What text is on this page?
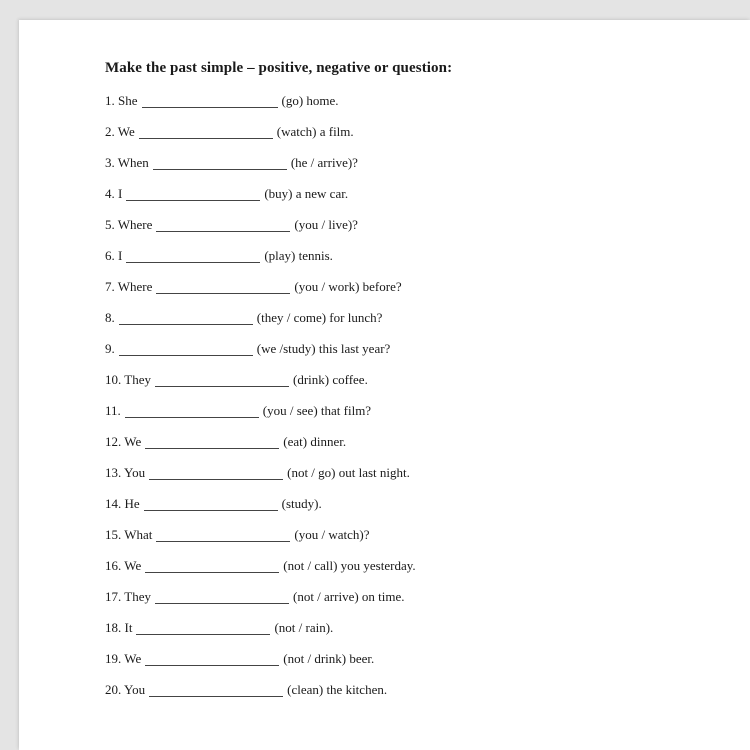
Make the past simple – positive, negative or question:
1. She	(go) home.
2. We	(watch) a film.
3. When	(he / arrive)?
4. I	(buy) a new car.
5. Where	(you / live)?
6. I	(play) tennis.
7. Where	(you / work) before?
8.	(they / come) for lunch?
9.	(we /study) this last year?
10. They	(drink) coffee.
11.	(you / see) that film?
12. We	(eat) dinner.
13. You	(not / go) out last night.
14. He	(study).
15. What	(you / watch)?
16. We	(not / call) you yesterday.
17. They	(not / arrive) on time.
18. It	(not / rain).
19. We	(not / drink) beer.
20. You	(clean) the kitchen.
